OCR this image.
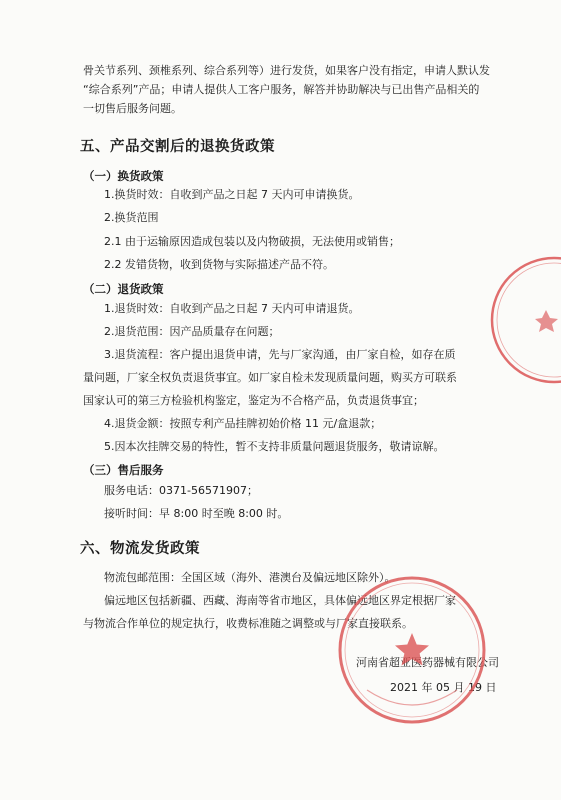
骨关节系列、颈椎系列、综合系列等）进行发货，如果客户没有指定，申请人默认发
“综合系列”产品；申请人提供人工客户服务，解答并协助解决与已出售产品相关的
一切售后服务问题。
五、产品交割后的退换货政策
（一）换货政策
1.换货时效：自收到产品之日起 7 天内可申请换货。
2.换货范围
2.1 由于运输原因造成包装以及内物破损，无法使用或销售；
2.2 发错货物，收到货物与实际描述产品不符。
（二）退货政策
1.退货时效：自收到产品之日起 7 天内可申请退货。
2.退货范围：因产品质量存在问题；
3.退货流程：客户提出退货申请，先与厂家沟通，由厂家自检，如存在质
量问题，厂家全权负责退货事宜。如厂家自检未发现质量问题，购买方可联系
国家认可的第三方检验机构鉴定，鉴定为不合格产品，负责退货事宜；
4.退货金额：按照专利产品挂牌初始价格 11 元/盒退款；
5.因本次挂牌交易的特性，暂不支持非质量问题退货服务，敬请谅解。
（三）售后服务
服务电话：0371-56571907；
接听时间：早 8:00 时至晚 8:00 时。
六、物流发货政策
物流包邮范围：全国区域（海外、港澳台及偏远地区除外）。
偏远地区包括新疆、西藏、海南等省市地区，具体偏远地区界定根据厂家
与物流合作单位的规定执行，收费标准随之调整或与厂家直接联系。
河南省超亚医药器械有限公司
2021 年 05 月 19 日
